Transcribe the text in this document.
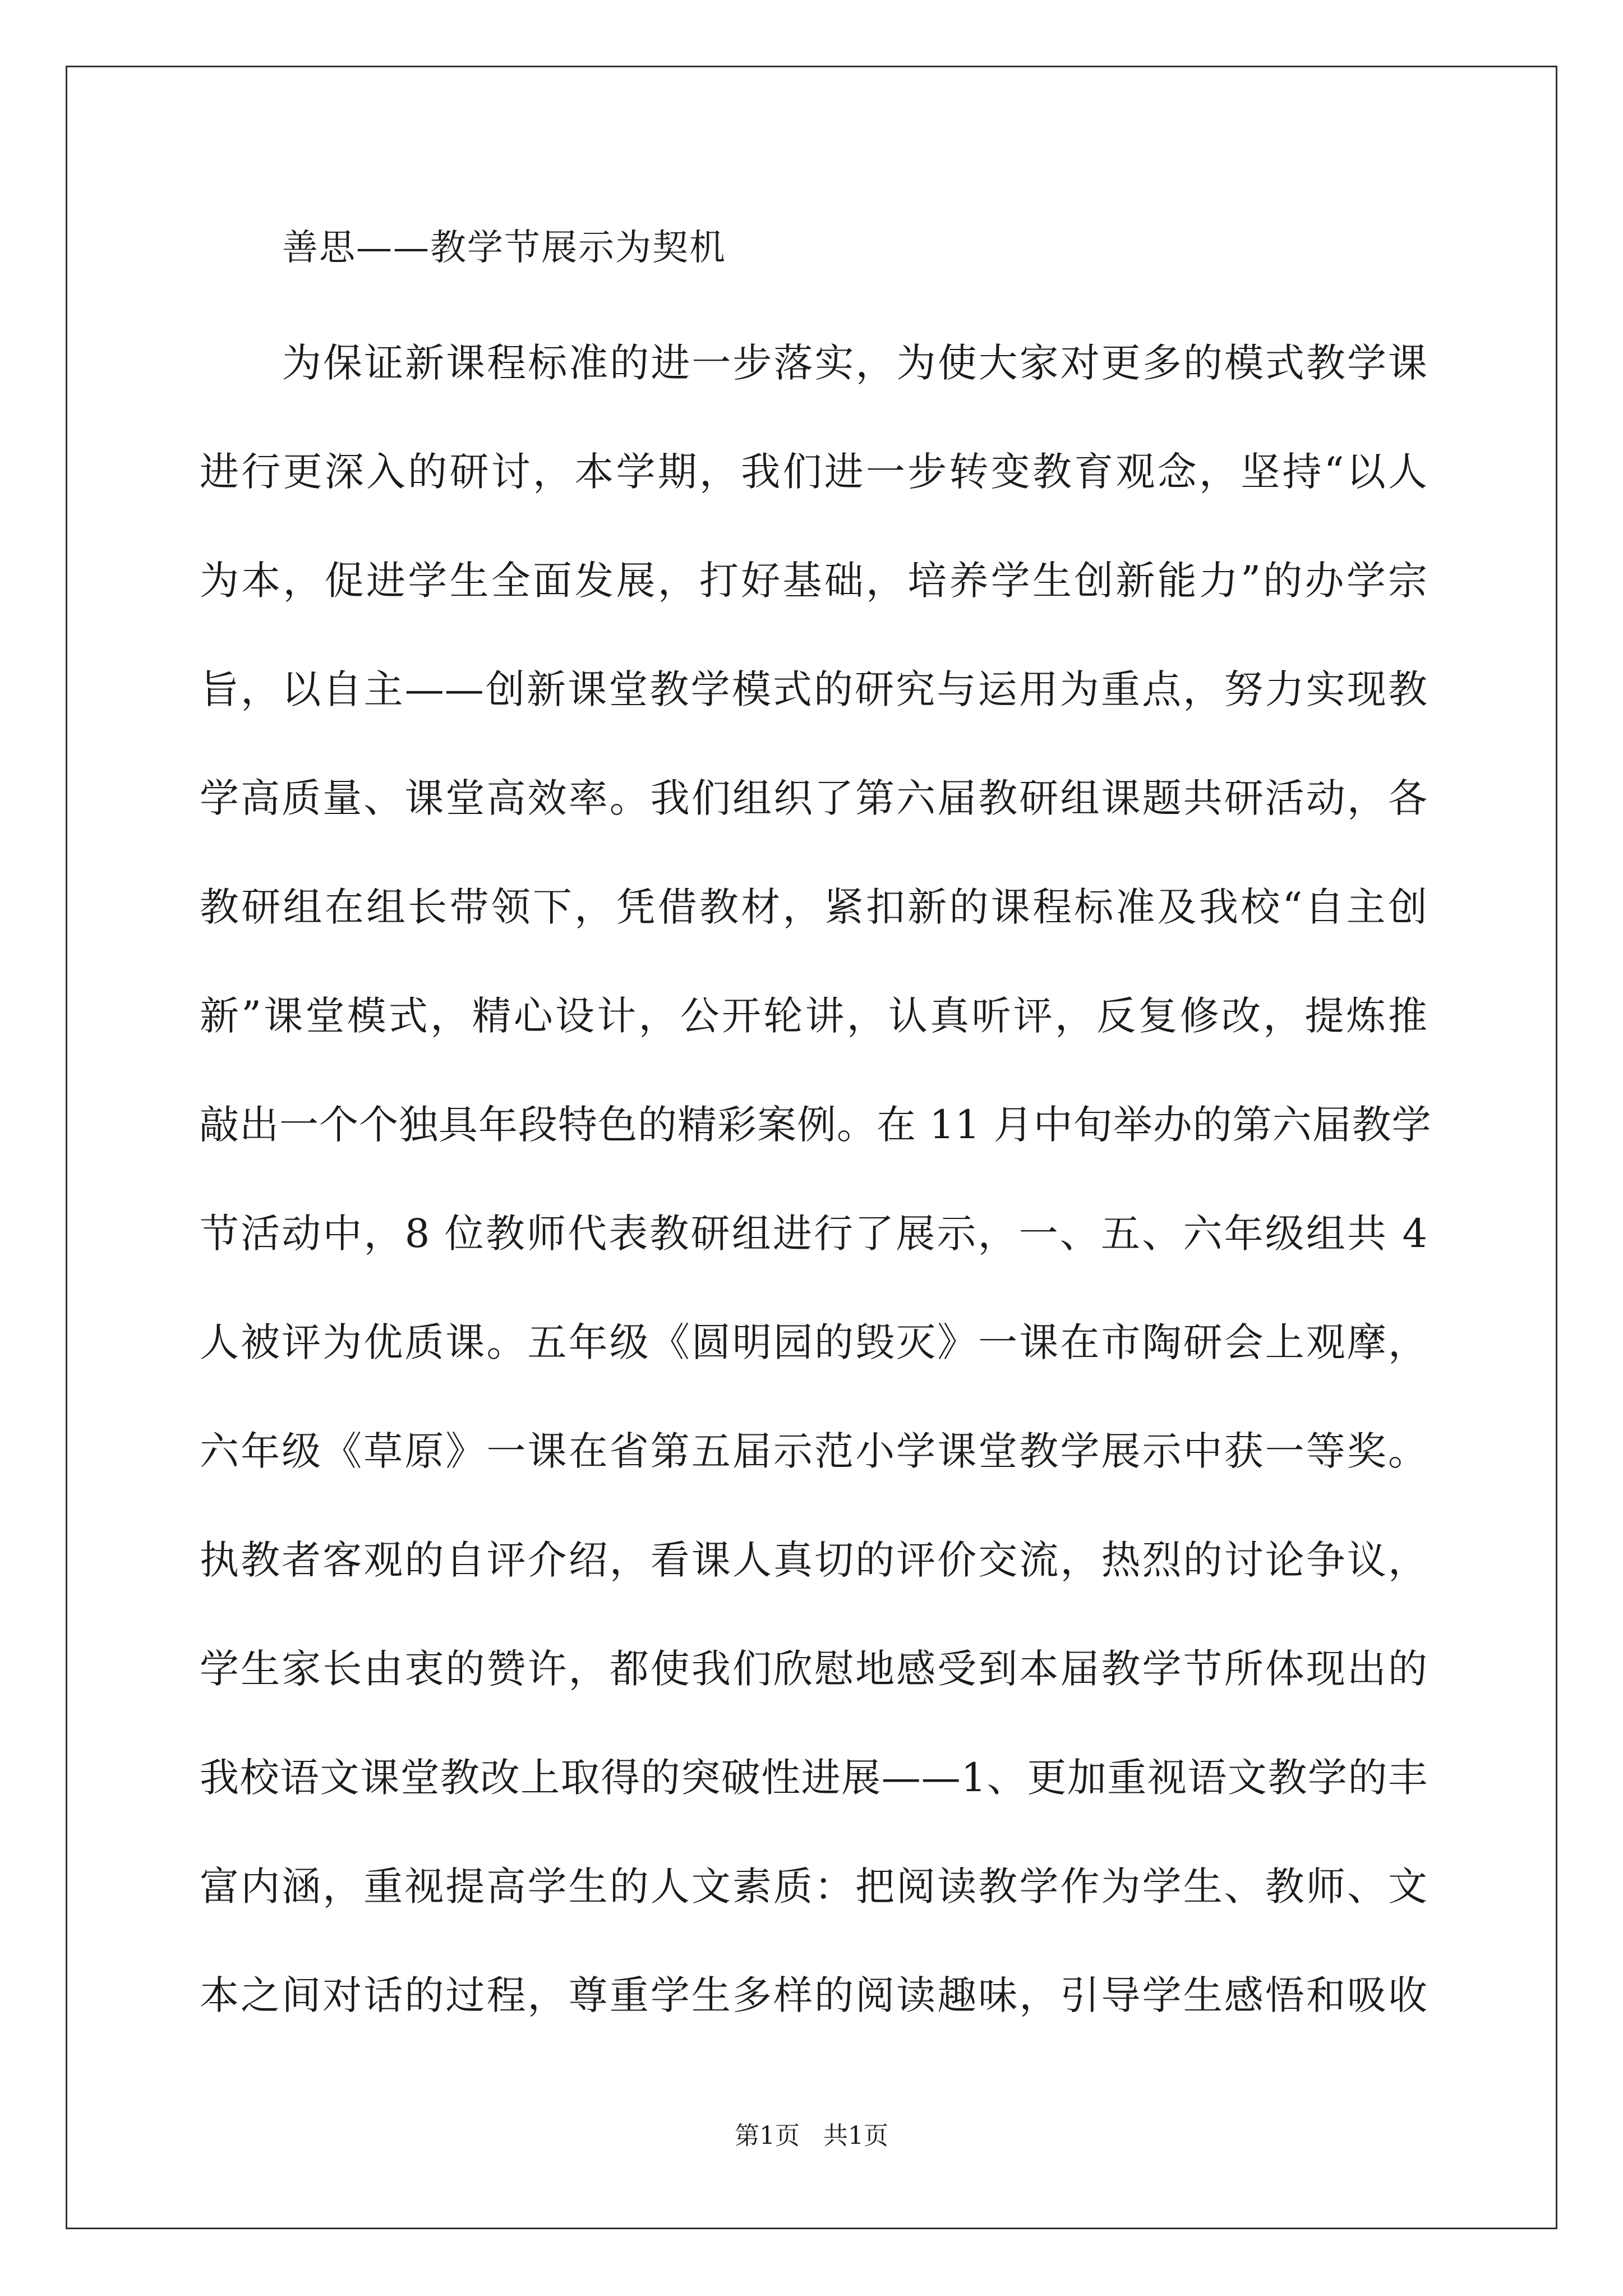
善思——教学节展示为契机
为保证新课程标准的进一步落实，为使大家对更多的模式教学课
进行更深入的研讨，本学期，我们进一步转变教育观念，坚持“以人
为本，促进学生全面发展，打好基础，培养学生创新能力”的办学宗
旨，以自主——创新课堂教学模式的研究与运用为重点，努力实现教
学高质量、课堂高效率。我们组织了第六届教研组课题共研活动，各
教研组在组长带领下，凭借教材，紧扣新的课程标准及我校“自主创
新”课堂模式，精心设计，公开轮讲，认真听评，反复修改，提炼推
敲出一个个独具年段特色的精彩案例。在 11 月中旬举办的第六届教学
节活动中，8 位教师代表教研组进行了展示，一、五、六年级组共 4
人被评为优质课。五年级《圆明园的毁灭》一课在市陶研会上观摩，
六年级《草原》一课在省第五届示范小学课堂教学展示中获一等奖。
执教者客观的自评介绍，看课人真切的评价交流，热烈的讨论争议，
学生家长由衷的赞许，都使我们欣慰地感受到本届教学节所体现出的
我校语文课堂教改上取得的突破性进展——1、更加重视语文教学的丰
富内涵，重视提高学生的人文素质：把阅读教学作为学生、教师、文
本之间对话的过程，尊重学生多样的阅读趣味，引导学生感悟和吸收
第1页   共1页
